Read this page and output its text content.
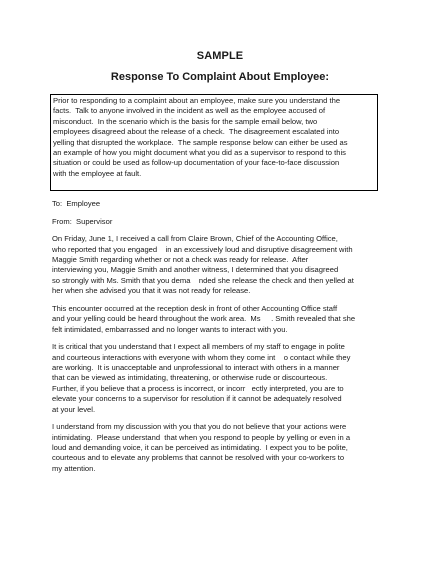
SAMPLE
Response To Complaint About Employee:
Prior to responding to a complaint about an employee, make sure you understand the
facts.  Talk to anyone involved in the incident as well as the employee accused of
misconduct.  In the scenario which is the basis for the sample email below, two
employees disagreed about the release of a check.  The disagreement escalated into
yelling that disrupted the workplace.  The sample response below can either be used as
an example of how you might document what you did as a supervisor to respond to this
situation or could be used as follow-up documentation of your face-to-face discussion
with the employee at fault.
To:  Employee
From:  Supervisor
On Friday, June 1, I received a call from Claire Brown, Chief of the Accounting Office,
who reported that you engaged    in an excessively loud and disruptive disagreement with
Maggie Smith regarding whether or not a check was ready for release.  After
interviewing you, Maggie Smith and another witness, I determined that you disagreed
so strongly with Ms. Smith that you dema    nded she release the check and then yelled at
her when she advised you that it was not ready for release.
This encounter occurred at the reception desk in front of other Accounting Office staff
and your yelling could be heard throughout the work area.  Ms     . Smith revealed that she
felt intimidated, embarrassed and no longer wants to interact with you.
It is critical that you understand that I expect all members of my staff to engage in polite
and courteous interactions with everyone with whom they come int    o contact while they
are working.  It is unacceptable and unprofessional to interact with others in a manner
that can be viewed as intimidating, threatening, or otherwise rude or discourteous.
Further, if you believe that a process is incorrect, or incorr   ectly interpreted, you are to
elevate your concerns to a supervisor for resolution if it cannot be adequately resolved
at your level.
I understand from my discussion with you that you do not believe that your actions were
intimidating.  Please understand  that when you respond to people by yelling or even in a
loud and demanding voice, it can be perceived as intimidating.  I expect you to be polite,
courteous and to elevate any problems that cannot be resolved with your co-workers to
my attention.
